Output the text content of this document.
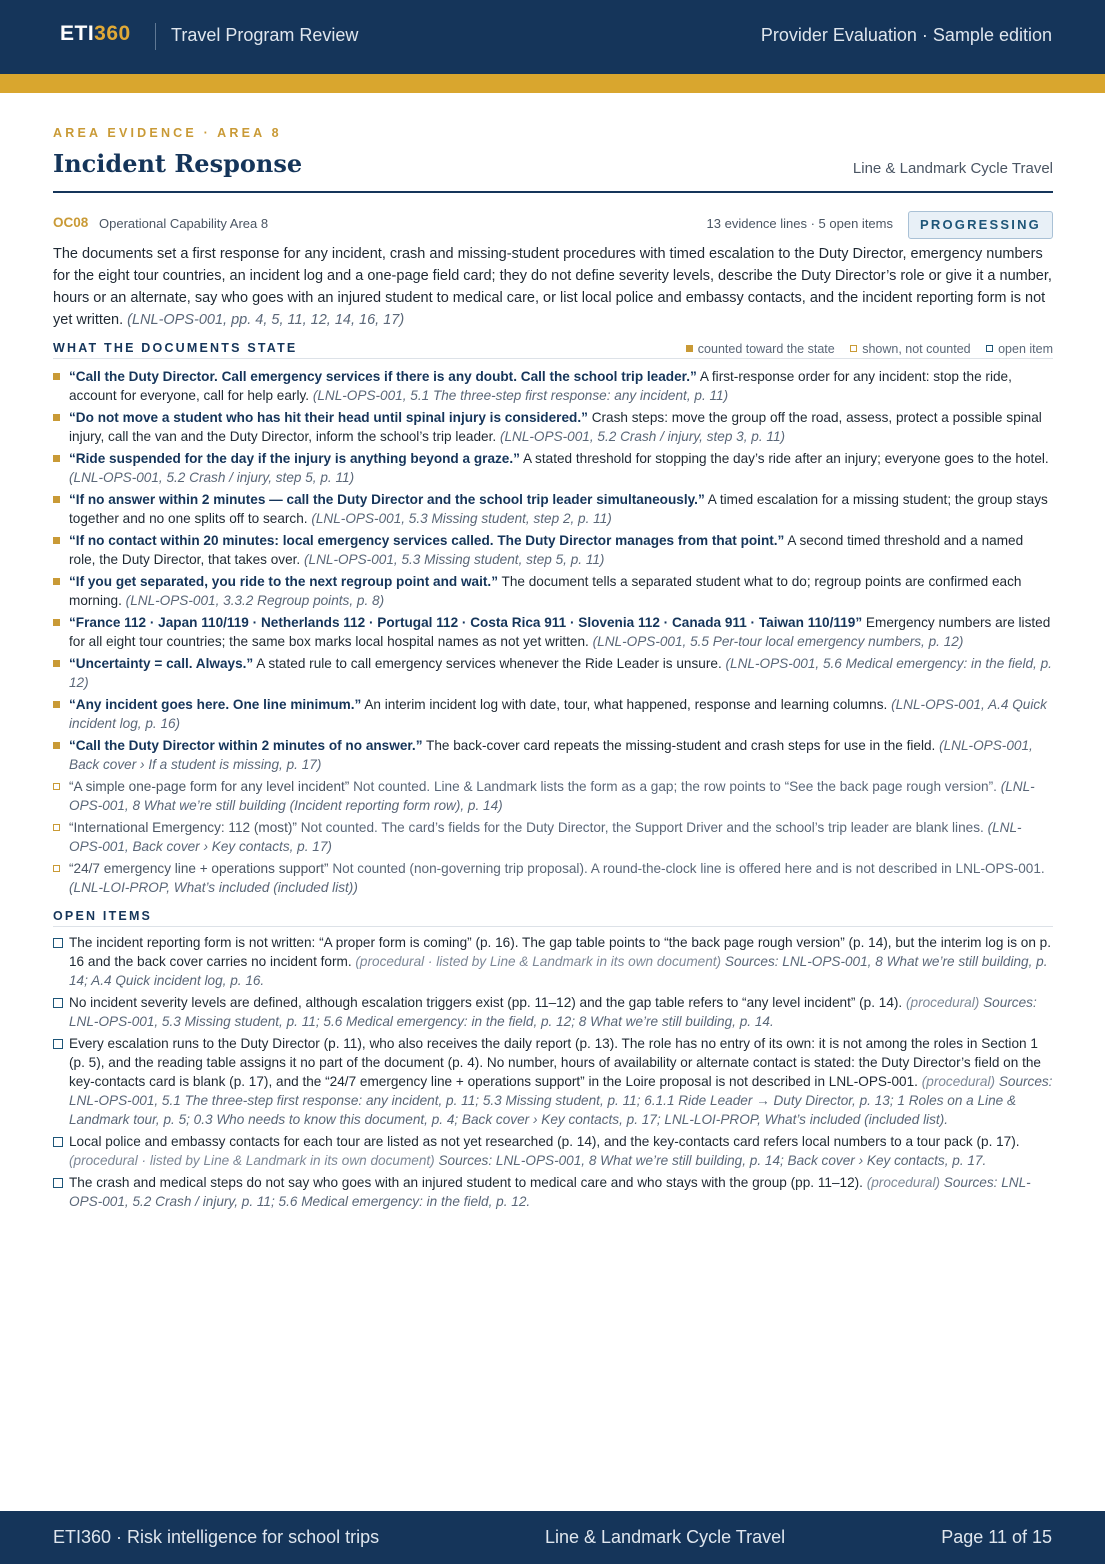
ETI360 Travel Program Review	Provider Evaluation · Sample edition
AREA EVIDENCE · AREA 8
Incident Response	Line & Landmark Cycle Travel
OC08 Operational Capability Area 8	13 evidence lines · 5 open items	PROGRESSING

The documents set a first response for any incident, crash and missing-student procedures with timed escalation to the Duty Director, emergency numbers for the eight tour countries, an incident log and a one-page field card; they do not define severity levels, describe the Duty Director’s role or give it a number, hours or an alternate, say who goes with an injured student to medical care, or list local police and embassy contacts, and the incident reporting form is not yet written. (LNL-OPS-001, pp. 4, 5, 11, 12, 14, 16, 17)

WHAT THE DOCUMENTS STATE	counted toward the state shown, not counted open item
“Call the Duty Director. Call emergency services if there is any doubt. Call the school trip leader.” A first-response order for any incident: stop the ride, account for everyone, call for help early. (LNL-OPS-001, 5.1 The three-step first response: any incident, p. 11)
“Do not move a student who has hit their head until spinal injury is considered.” Crash steps: move the group off the road, assess, protect a possible spinal injury, call the van and the Duty Director, inform the school’s trip leader. (LNL-OPS-001, 5.2 Crash / injury, step 3, p. 11)
“Ride suspended for the day if the injury is anything beyond a graze.” A stated threshold for stopping the day’s ride after an injury; everyone goes to the hotel. (LNL-OPS-001, 5.2 Crash / injury, step 5, p. 11)
“If no answer within 2 minutes — call the Duty Director and the school trip leader simultaneously.” A timed escalation for a missing student; the group stays together and no one splits off to search. (LNL-OPS-001, 5.3 Missing student, step 2, p. 11)
“If no contact within 20 minutes: local emergency services called. The Duty Director manages from that point.” A second timed threshold and a named role, the Duty Director, that takes over. (LNL-OPS-001, 5.3 Missing student, step 5, p. 11)
“If you get separated, you ride to the next regroup point and wait.” The document tells a separated student what to do; regroup points are confirmed each morning. (LNL-OPS-001, 3.3.2 Regroup points, p. 8)
“France 112 · Japan 110/119 · Netherlands 112 · Portugal 112 · Costa Rica 911 · Slovenia 112 · Canada 911 · Taiwan 110/119” Emergency numbers are listed for all eight tour countries; the same box marks local hospital names as not yet written. (LNL-OPS-001, 5.5 Per-tour local emergency numbers, p. 12)
“Uncertainty = call. Always.” A stated rule to call emergency services whenever the Ride Leader is unsure. (LNL-OPS-001, 5.6 Medical emergency: in the field, p. 12)
“Any incident goes here. One line minimum.” An interim incident log with date, tour, what happened, response and learning columns. (LNL-OPS-001, A.4 Quick incident log, p. 16)
“Call the Duty Director within 2 minutes of no answer.” The back-cover card repeats the missing-student and crash steps for use in the field. (LNL-OPS-001, Back cover › If a student is missing, p. 17)
“A simple one-page form for any level incident” Not counted. Line & Landmark lists the form as a gap; the row points to “See the back page rough version”. (LNL-OPS-001, 8 What we’re still building (Incident reporting form row), p. 14)
“International Emergency: 112 (most)” Not counted. The card’s fields for the Duty Director, the Support Driver and the school’s trip leader are blank lines. (LNL-OPS-001, Back cover › Key contacts, p. 17)
“24/7 emergency line + operations support” Not counted (non-governing trip proposal). A round-the-clock line is offered here and is not described in LNL-OPS-001. (LNL-LOI-PROP, What’s included (included list))
OPEN ITEMS
The incident reporting form is not written: “A proper form is coming” (p. 16). The gap table points to “the back page rough version” (p. 14), but the interim log is on p. 16 and the back cover carries no incident form. (procedural · listed by Line & Landmark in its own document) Sources: LNL-OPS-001, 8 What we’re still building, p. 14; A.4 Quick incident log, p. 16.
No incident severity levels are defined, although escalation triggers exist (pp. 11–12) and the gap table refers to “any level incident” (p. 14). (procedural) Sources: LNL-OPS-001, 5.3 Missing student, p. 11; 5.6 Medical emergency: in the field, p. 12; 8 What we’re still building, p. 14.
Every escalation runs to the Duty Director (p. 11), who also receives the daily report (p. 13). The role has no entry of its own: it is not among the roles in Section 1 (p. 5), and the reading table assigns it no part of the document (p. 4). No number, hours of availability or alternate contact is stated: the Duty Director’s field on the key-contacts card is blank (p. 17), and the “24/7 emergency line + operations support” in the Loire proposal is not described in LNL-OPS-001. (procedural) Sources: LNL-OPS-001, 5.1 The three-step first response: any incident, p. 11; 5.3 Missing student, p. 11; 6.1.1 Ride Leader → Duty Director, p. 13; 1 Roles on a Line & Landmark tour, p. 5; 0.3 Who needs to know this document, p. 4; Back cover › Key contacts, p. 17; LNL-LOI-PROP, What’s included (included list).
Local police and embassy contacts for each tour are listed as not yet researched (p. 14), and the key-contacts card refers local numbers to a tour pack (p. 17). (procedural · listed by Line & Landmark in its own document) Sources: LNL-OPS-001, 8 What we’re still building, p. 14; Back cover › Key contacts, p. 17.
The crash and medical steps do not say who goes with an injured student to medical care and who stays with the group (pp. 11–12). (procedural) Sources: LNL-OPS-001, 5.2 Crash / injury, p. 11; 5.6 Medical emergency: in the field, p. 12.
ETI360 · Risk intelligence for school trips	Line & Landmark Cycle Travel	Page 11 of 15
